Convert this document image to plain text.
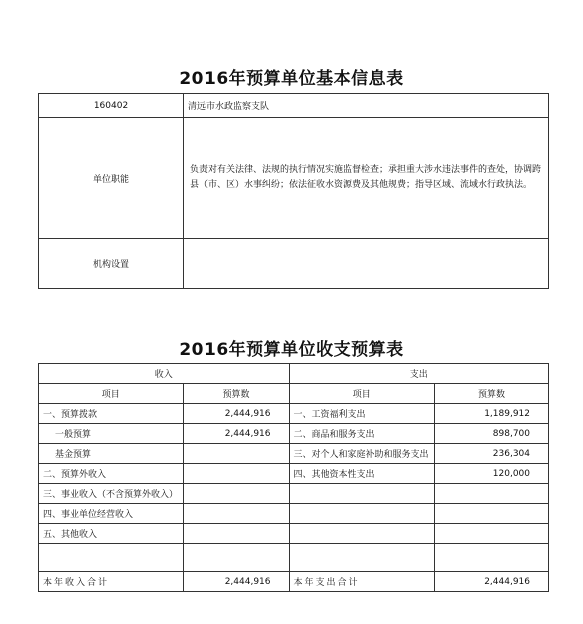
2016年预算单位基本信息表
160402	清远市水政监察支队
单位职能	负责对有关法律、法规的执行情况实施监督检查；承担重大涉水违法事件的查处，协调跨县（市、区）水事纠纷；依法征收水资源费及其他规费；指导区域、流域水行政执法。
机构设置	
2016年预算单位收支预算表
收入		支出	
项目	预算数	项目	预算数
一、预算拨款	2,444,916	一、工资福利支出	1,189,912
一般预算	2,444,916	二、商品和服务支出	898,700
基金预算		三、对个人和家庭补助和服务支出	236,304
二、预算外收入		四、其他资本性支出	120,000
三、事业收入（不含预算外收入）			
四、事业单位经营收入			
五、其他收入			

本年收入合计	2,444,916	本年支出合计	2,444,916
